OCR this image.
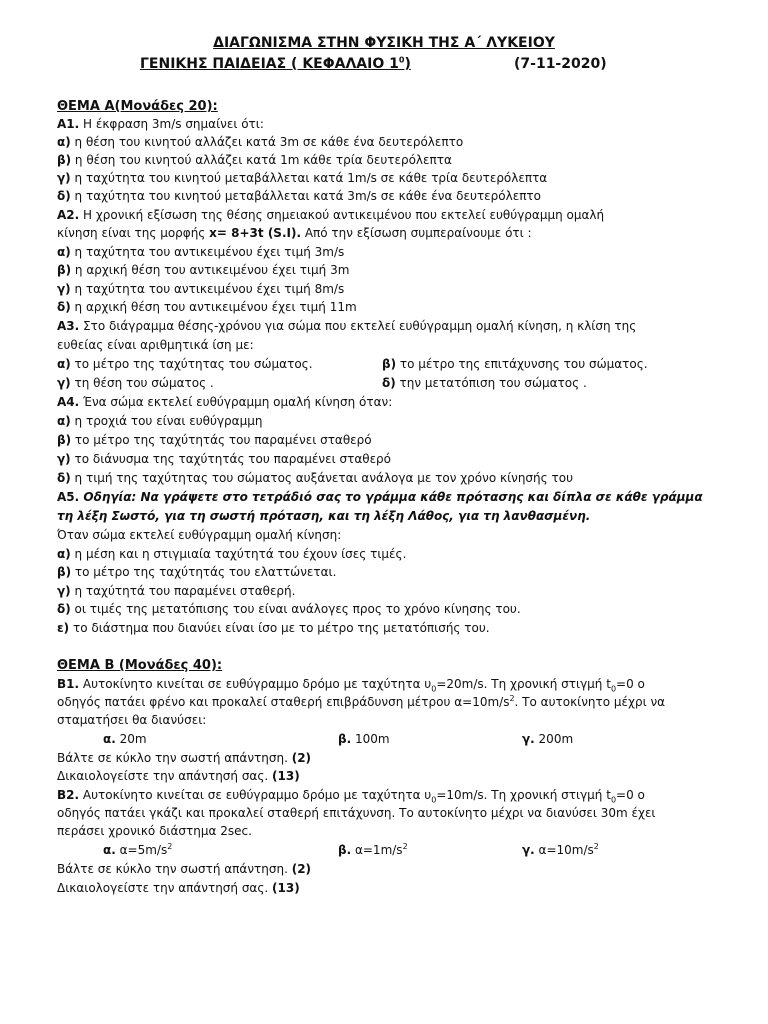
ΔΙΑΓΩΝΙΣΜΑ ΣΤΗΝ ΦΥΣΙΚΗ ΤΗΣ Α΄ ΛΥΚΕΙΟΥ
ΓΕΝΙΚΗΣ ΠΑΙΔΕΙΑΣ ( ΚΕΦΑΛΑΙΟ $1^0$)	(7-11-2020)
ΘΕΜΑ Α(Μονάδες 20):
Α1. Η έκφραση 3m/s σημαίνει ότι:
α) η θέση του κινητού αλλάζει κατά 3m σε κάθε ένα δευτερόλεπτο
β) η θέση του κινητού αλλάζει κατά 1m κάθε τρία δευτερόλεπτα
γ) η ταχύτητα του κινητού μεταβάλλεται κατά 1m/s σε κάθε τρία δευτερόλεπτα
δ) η ταχύτητα του κινητού μεταβάλλεται κατά 3m/s σε κάθε ένα δευτερόλεπτο
Α2. Η χρονική εξίσωση της θέσης σημειακού αντικειμένου που εκτελεί ευθύγραμμη ομαλή
κίνηση είναι της μορφής x= 8+3t (S.I). Από την εξίσωση συμπεραίνουμε ότι :
α) η ταχύτητα του αντικειμένου έχει τιμή 3m/s
β) η αρχική θέση του αντικειμένου έχει τιμή 3m
γ) η ταχύτητα του αντικειμένου έχει τιμή 8m/s
δ) η αρχική θέση του αντικειμένου έχει τιμή 11m
Α3. Στο διάγραμμα θέσης-χρόνου για σώμα που εκτελεί ευθύγραμμη ομαλή κίνηση, η κλίση της
ευθείας είναι αριθμητικά ίση με:
α) το μέτρο της ταχύτητας του σώματος.	β) το μέτρο της επιτάχυνσης του σώματος.
γ) τη θέση του σώματος .	δ) την μετατόπιση του σώματος .
Α4. Ένα σώμα εκτελεί ευθύγραμμη ομαλή κίνηση όταν:
α) η τροχιά του είναι ευθύγραμμη
β) το μέτρο της ταχύτητάς του παραμένει σταθερό
γ) το διάνυσμα της ταχύτητάς του παραμένει σταθερό
δ) η τιμή της ταχύτητας του σώματος αυξάνεται ανάλογα με τον χρόνο κίνησής του
Α5. Οδηγία: Να γράψετε στο τετράδιό σας το γράμμα κάθε πρότασης και δίπλα σε κάθε γράμμα
τη λέξη Σωστό, για τη σωστή πρόταση, και τη λέξη Λάθος, για τη λανθασμένη.
Όταν σώμα εκτελεί ευθύγραμμη ομαλή κίνηση:
α) η μέση και η στιγμιαία ταχύτητά του έχουν ίσες τιμές.
β) το μέτρο της ταχύτητάς του ελαττώνεται.
γ) η ταχύτητά του παραμένει σταθερή.
δ) οι τιμές της μετατόπισης του είναι ανάλογες προς το χρόνο κίνησης του.
ε) το διάστημα που διανύει είναι ίσο με το μέτρο της μετατόπισής του.
ΘΕΜΑ Β (Μονάδες 40):
Β1. Αυτοκίνητο κινείται σε ευθύγραμμο δρόμο με ταχύτητα $\upsilon_0=20m/s$. Τη χρονική στιγμή $t_0=0$ ο
οδηγός πατάει φρένο και προκαλεί σταθερή επιβράδυνση μέτρου $\alpha=10m/s^2$. Το αυτοκίνητο μέχρι να
σταματήσει θα διανύσει:
α. 20m	β. 100m	γ. 200m
Βάλτε σε κύκλο την σωστή απάντηση. (2)
Δικαιολογείστε την απάντησή σας. (13)
Β2. Αυτοκίνητο κινείται σε ευθύγραμμο δρόμο με ταχύτητα $\upsilon_0=10m/s$. Τη χρονική στιγμή $t_0=0$ ο
οδηγός πατάει γκάζι και προκαλεί σταθερή επιτάχυνση. Το αυτοκίνητο μέχρι να διανύσει 30m έχει
περάσει χρονικό διάστημα 2sec.
α. $\alpha=5m/s^2$	β. $\alpha=1m/s^2$	γ. $\alpha=10m/s^2$
Βάλτε σε κύκλο την σωστή απάντηση. (2)
Δικαιολογείστε την απάντησή σας. (13)
